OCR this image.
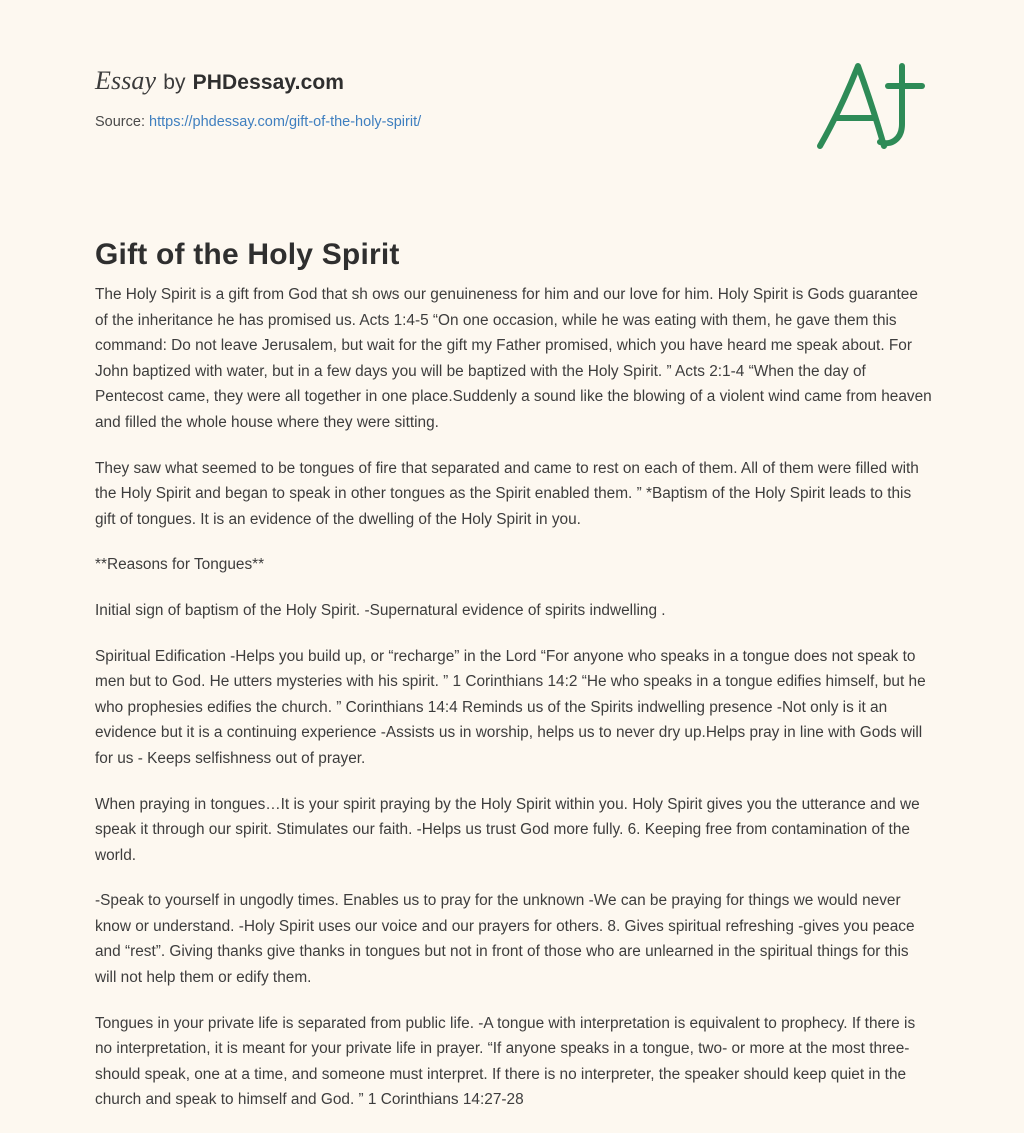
Essay by PHDessay.com
Source: https://phdessay.com/gift-of-the-holy-spirit/
Gift of the Holy Spirit

The Holy Spirit is a gift from God that sh ows our genuineness for him and our love for him. Holy Spirit is Gods guarantee of the inheritance he has promised us. Acts 1:4-5 “On one occasion, while he was eating with them, he gave them this command: Do not leave Jerusalem, but wait for the gift my Father promised, which you have heard me speak about. For John baptized with water, but in a few days you will be baptized with the Holy Spirit. ” Acts 2:1-4 “When the day of Pentecost came, they were all together in one place.Suddenly a sound like the blowing of a violent wind came from heaven and filled the whole house where they were sitting.

They saw what seemed to be tongues of fire that separated and came to rest on each of them. All of them were filled with the Holy Spirit and began to speak in other tongues as the Spirit enabled them. ” *Baptism of the Holy Spirit leads to this gift of tongues. It is an evidence of the dwelling of the Holy Spirit in you.

**Reasons for Tongues**

Initial sign of baptism of the Holy Spirit. -Supernatural evidence of spirits indwelling .

Spiritual Edification -Helps you build up, or “recharge” in the Lord “For anyone who speaks in a tongue does not speak to men but to God. He utters mysteries with his spirit. ” 1 Corinthians 14:2 “He who speaks in a tongue edifies himself, but he who prophesies edifies the church. ” Corinthians 14:4 Reminds us of the Spirits indwelling presence -Not only is it an evidence but it is a continuing experience -Assists us in worship, helps us to never dry up.Helps pray in line with Gods will for us - Keeps selfishness out of prayer.

When praying in tongues…It is your spirit praying by the Holy Spirit within you. Holy Spirit gives you the utterance and we speak it through our spirit. Stimulates our faith. -Helps us trust God more fully. 6. Keeping free from contamination of the world.

-Speak to yourself in ungodly times. Enables us to pray for the unknown -We can be praying for things we would never know or understand. -Holy Spirit uses our voice and our prayers for others. 8. Gives spiritual refreshing -gives you peace and “rest”. Giving thanks give thanks in tongues but not in front of those who are unlearned in the spiritual things for this will not help them or edify them.

Tongues in your private life is separated from public life. -A tongue with interpretation is equivalent to prophecy. If there is no interpretation, it is meant for your private life in prayer. “If anyone speaks in a tongue, two- or more at the most three- should speak, one at a time, and someone must interpret. If there is no interpreter, the speaker should keep quiet in the church and speak to himself and God. ” 1 Corinthians 14:27-28
